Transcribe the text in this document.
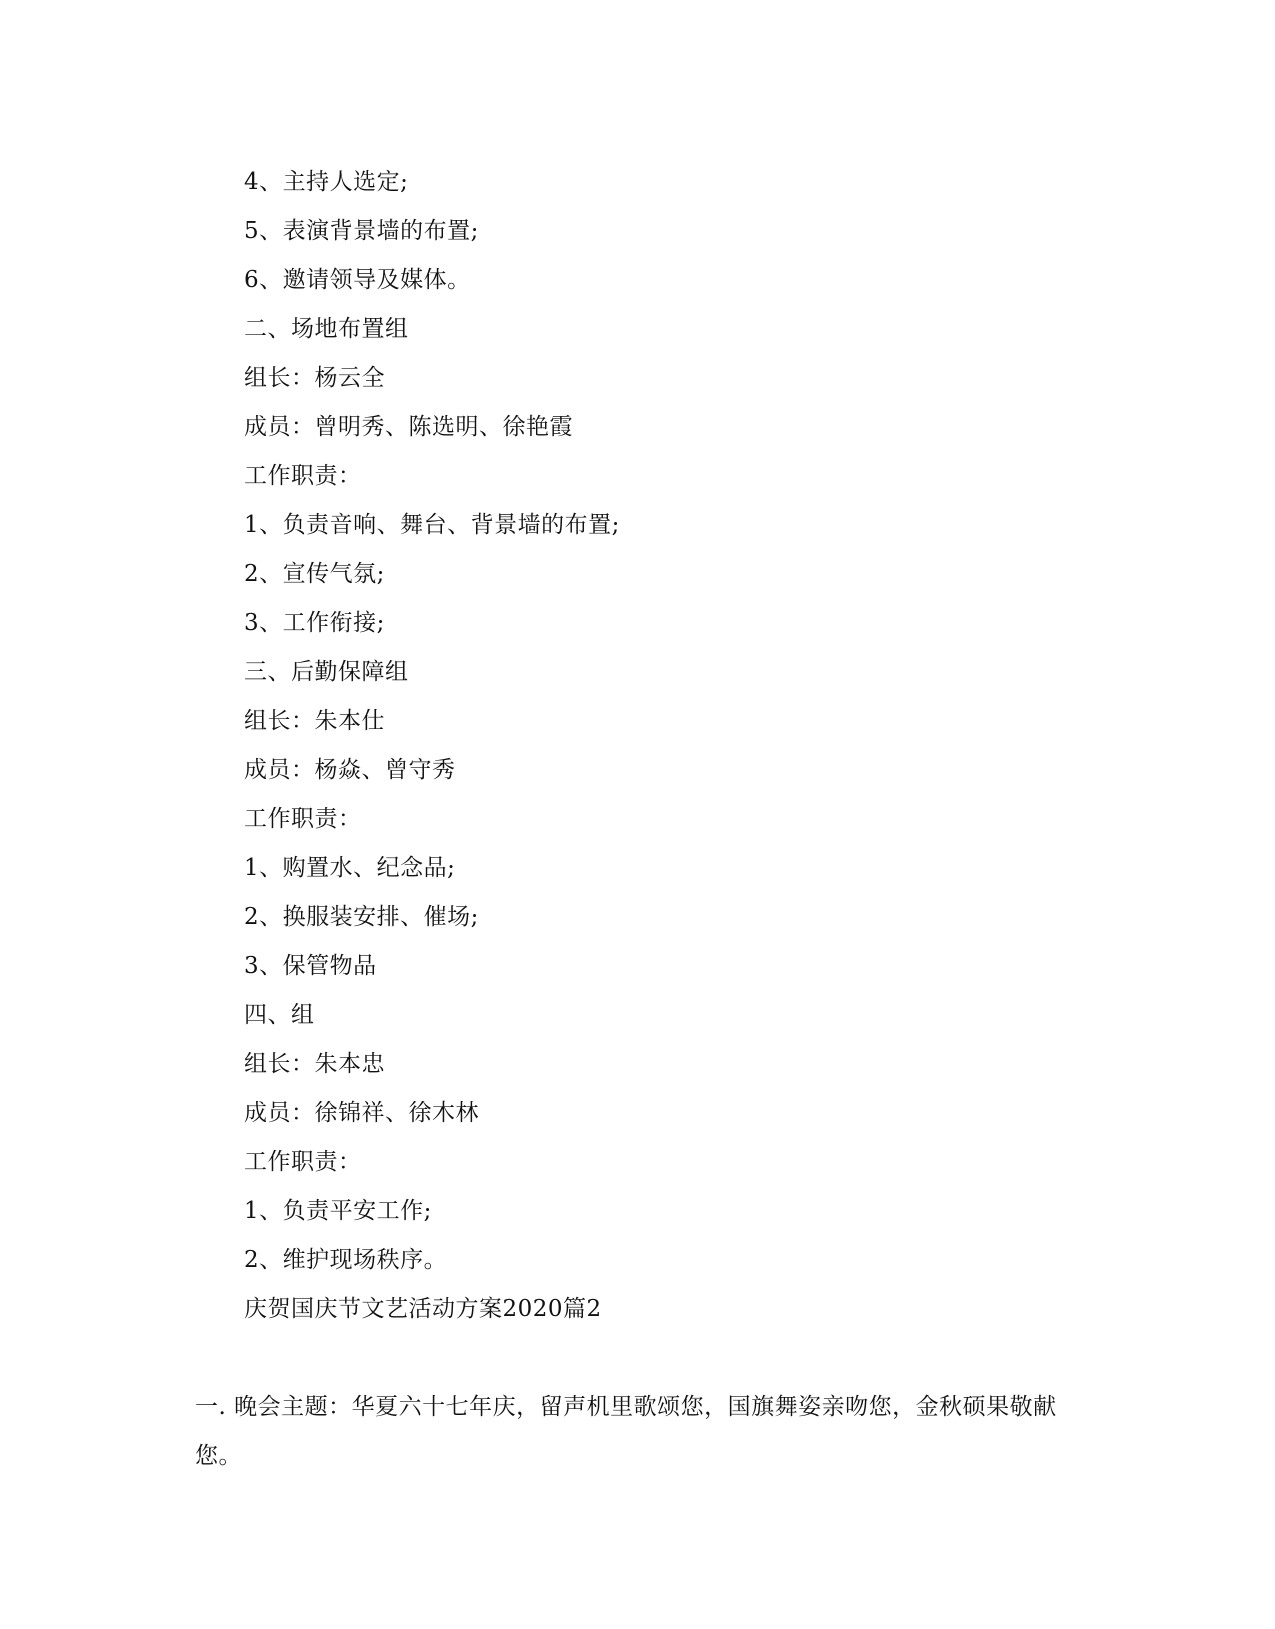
4、主持人选定;
5、表演背景墙的布置;
6、邀请领导及媒体。
二、场地布置组
组长：杨云全
成员：曾明秀、陈选明、徐艳霞
工作职责：
1、负责音响、舞台、背景墙的布置;
2、宣传气氛;
3、工作衔接;
三、后勤保障组
组长：朱本仕
成员：杨焱、曾守秀
工作职责：
1、购置水、纪念品;
2、换服装安排、催场;
3、保管物品
四、组
组长：朱本忠
成员：徐锦祥、徐木林
工作职责：
1、负责平安工作;
2、维护现场秩序。
庆贺国庆节文艺活动方案2020篇2
一. 晚会主题：华夏六十七年庆，留声机里歌颂您，国旗舞姿亲吻您，金秋硕果敬献您。
